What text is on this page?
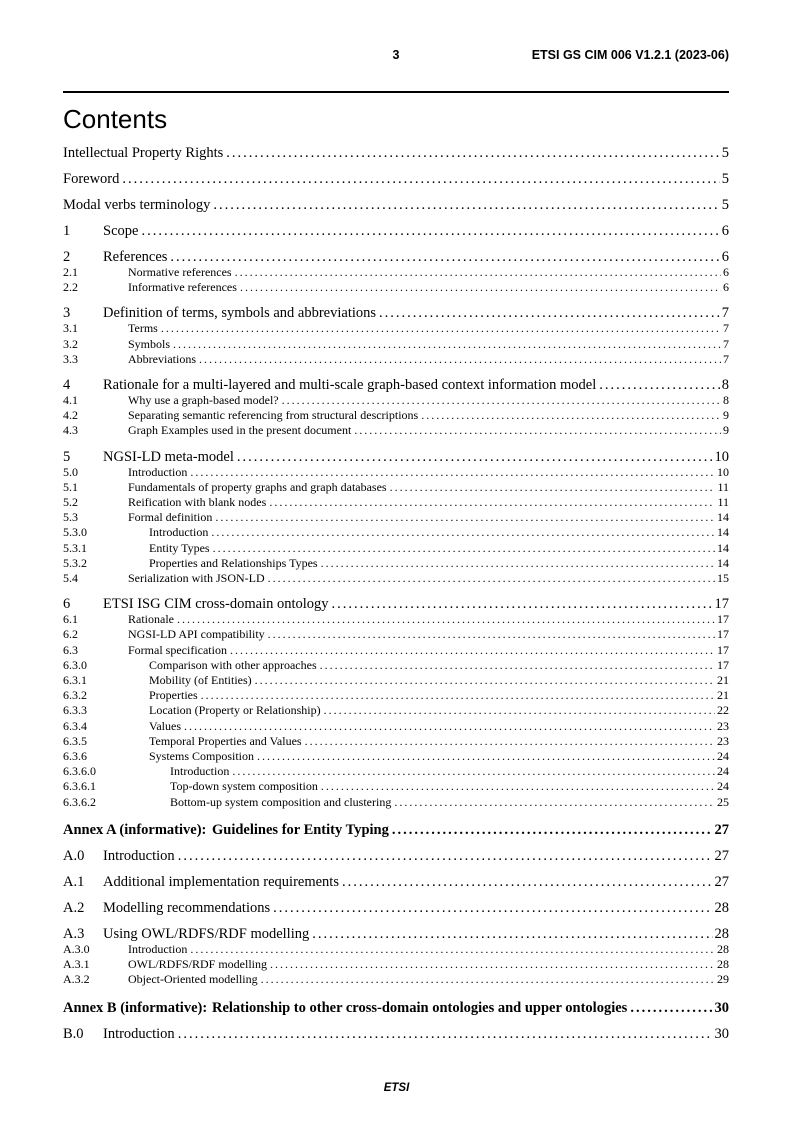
3	ETSI GS CIM 006 V1.2.1 (2023-06)
Contents
Intellectual Property Rights .....	5
Foreword .....	5
Modal verbs terminology .....	5
1	Scope .....	6
2	References .....	6
2.1	Normative references .....	6
2.2	Informative references .....	6
3	Definition of terms, symbols and abbreviations .....	7
3.1	Terms .....	7
3.2	Symbols .....	7
3.3	Abbreviations .....	7
4	Rationale for a multi-layered and multi-scale graph-based context information model .....	8
4.1	Why use a graph-based model? .....	8
4.2	Separating semantic referencing from structural descriptions .....	9
4.3	Graph Examples used in the present document .....	9
5	NGSI-LD meta-model .....	10
5.0	Introduction .....	10
5.1	Fundamentals of property graphs and graph databases .....	11
5.2	Reification with blank nodes .....	11
5.3	Formal definition .....	14
5.3.0	Introduction .....	14
5.3.1	Entity Types .....	14
5.3.2	Properties and Relationships Types .....	14
5.4	Serialization with JSON-LD .....	15
6	ETSI ISG CIM cross-domain ontology .....	17
6.1	Rationale .....	17
6.2	NGSI-LD API compatibility .....	17
6.3	Formal specification .....	17
6.3.0	Comparison with other approaches .....	17
6.3.1	Mobility (of Entities) .....	21
6.3.2	Properties .....	21
6.3.3	Location (Property or Relationship) .....	22
6.3.4	Values .....	23
6.3.5	Temporal Properties and Values .....	23
6.3.6	Systems Composition .....	24
6.3.6.0	Introduction .....	24
6.3.6.1	Top-down system composition .....	24
6.3.6.2	Bottom-up system composition and clustering .....	25
Annex A (informative): Guidelines for Entity Typing .....	27
A.0	Introduction .....	27
A.1	Additional implementation requirements .....	27
A.2	Modelling recommendations .....	28
A.3	Using OWL/RDFS/RDF modelling .....	28
A.3.0	Introduction .....	28
A.3.1	OWL/RDFS/RDF modelling .....	28
A.3.2	Object-Oriented modelling .....	29
Annex B (informative): Relationship to other cross-domain ontologies and upper ontologies .....	30
B.0	Introduction .....	30
ETSI
